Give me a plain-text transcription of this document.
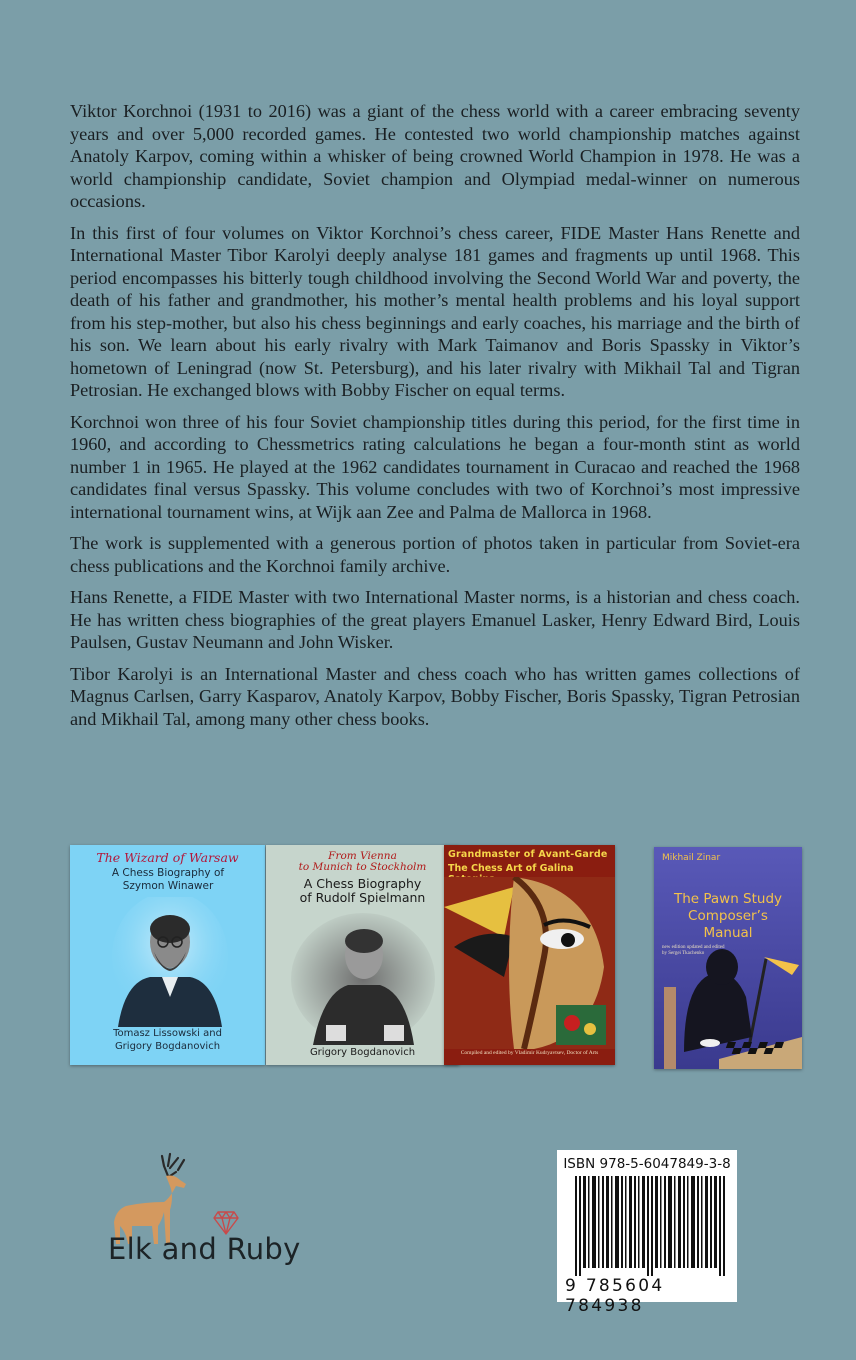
Viktor Korchnoi (1931 to 2016) was a giant of the chess world with a career embracing seventy years and over 5,000 recorded games. He contested two world championship matches against Anatoly Karpov, coming within a whisker of being crowned World Champion in 1978. He was a world championship candidate, Soviet champion and Olympiad medal-winner on numerous occasions.

In this first of four volumes on Viktor Korchnoi’s chess career, FIDE Master Hans Renette and International Master Tibor Karolyi deeply analyse 181 games and fragments up until 1968. This period encompasses his bitterly tough childhood involving the Second World War and poverty, the death of his father and grandmother, his mother’s mental health problems and his loyal support from his step-mother, but also his chess beginnings and early coaches, his marriage and the birth of his son. We learn about his early rivalry with Mark Taimanov and Boris Spassky in Viktor’s hometown of Leningrad (now St. Petersburg), and his later rivalry with Mikhail Tal and Tigran Petrosian. He exchanged blows with Bobby Fischer on equal terms.

Korchnoi won three of his four Soviet championship titles during this period, for the first time in 1960, and according to Chessmetrics rating calculations he began a four-month stint as world number 1 in 1965. He played at the 1962 candidates tournament in Curacao and reached the 1968 candidates final versus Spassky. This volume concludes with two of Korchnoi’s most impressive international tournament wins, at Wijk aan Zee and Palma de Mallorca in 1968.

The work is supplemented with a generous portion of photos taken in particular from Soviet-era chess publications and the Korchnoi family archive.

Hans Renette, a FIDE Master with two International Master norms, is a historian and chess coach. He has written chess biographies of the great players Emanuel Lasker, Henry Edward Bird, Louis Paulsen, Gustav Neumann and John Wisker.

Tibor Karolyi is an International Master and chess coach who has written games collections of Magnus Carlsen, Garry Kasparov, Anatoly Karpov, Bobby Fischer, Boris Spassky, Tigran Petrosian and Mikhail Tal, among many other chess books.

The Wizard of Warsaw
A Chess Biography of Szymon Winawer
Tomasz Lissowski and
Grigory Bogdanovich
From Vienna
to Munich to Stockholm
A Chess Biography
of Rudolf Spielmann
Grigory Bogdanovich
Grandmaster of Avant-Garde
The Chess Art of Galina
Compiled and edited by Vladimir Kudryavtsev, Doctor of Arts
Mikhail Zinar
The Pawn Study
Composer’s
Manual
new edition updated and edited
by Sergei Tkachenko
Elk and Ruby
ISBN 978-5-6047849-3-8
9 785604 784938
